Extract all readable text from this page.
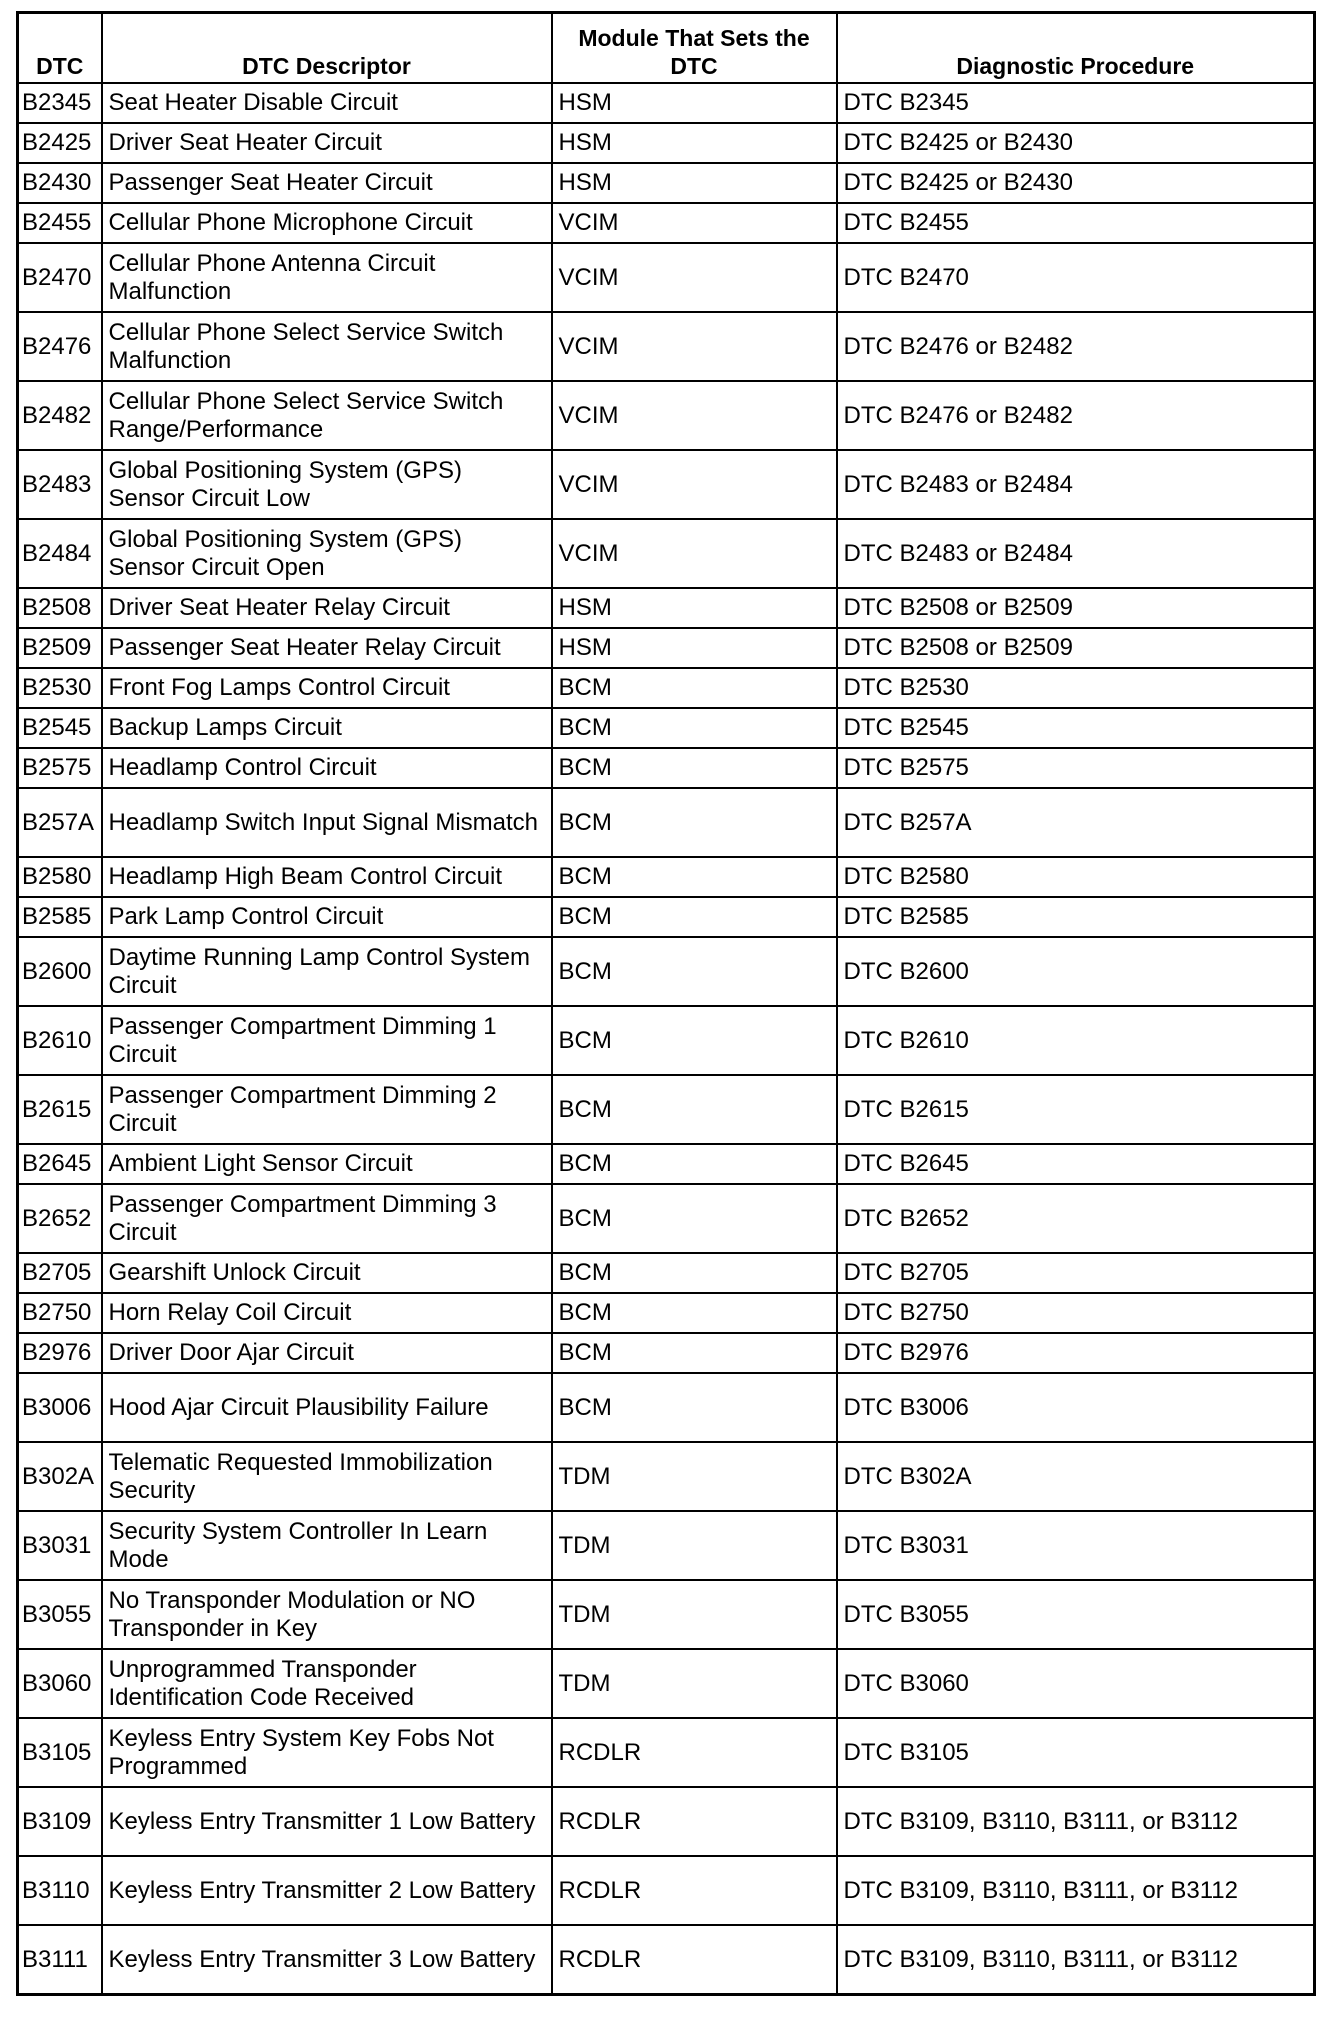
DTC	DTC Descriptor	Module That Sets the DTC	Diagnostic Procedure
B2345	Seat Heater Disable Circuit	HSM	DTC B2345
B2425	Driver Seat Heater Circuit	HSM	DTC B2425 or B2430
B2430	Passenger Seat Heater Circuit	HSM	DTC B2425 or B2430
B2455	Cellular Phone Microphone Circuit	VCIM	DTC B2455
B2470	Cellular Phone Antenna Circuit Malfunction	VCIM	DTC B2470
B2476	Cellular Phone Select Service Switch Malfunction	VCIM	DTC B2476 or B2482
B2482	Cellular Phone Select Service Switch Range/Performance	VCIM	DTC B2476 or B2482
B2483	Global Positioning System (GPS) Sensor Circuit Low	VCIM	DTC B2483 or B2484
B2484	Global Positioning System (GPS) Sensor Circuit Open	VCIM	DTC B2483 or B2484
B2508	Driver Seat Heater Relay Circuit	HSM	DTC B2508 or B2509
B2509	Passenger Seat Heater Relay Circuit	HSM	DTC B2508 or B2509
B2530	Front Fog Lamps Control Circuit	BCM	DTC B2530
B2545	Backup Lamps Circuit	BCM	DTC B2545
B2575	Headlamp Control Circuit	BCM	DTC B2575
B257A	Headlamp Switch Input Signal Mismatch	BCM	DTC B257A
B2580	Headlamp High Beam Control Circuit	BCM	DTC B2580
B2585	Park Lamp Control Circuit	BCM	DTC B2585
B2600	Daytime Running Lamp Control System Circuit	BCM	DTC B2600
B2610	Passenger Compartment Dimming 1 Circuit	BCM	DTC B2610
B2615	Passenger Compartment Dimming 2 Circuit	BCM	DTC B2615
B2645	Ambient Light Sensor Circuit	BCM	DTC B2645
B2652	Passenger Compartment Dimming 3 Circuit	BCM	DTC B2652
B2705	Gearshift Unlock Circuit	BCM	DTC B2705
B2750	Horn Relay Coil Circuit	BCM	DTC B2750
B2976	Driver Door Ajar Circuit	BCM	DTC B2976
B3006	Hood Ajar Circuit Plausibility Failure	BCM	DTC B3006
B302A	Telematic Requested Immobilization Security	TDM	DTC B302A
B3031	Security System Controller In Learn Mode	TDM	DTC B3031
B3055	No Transponder Modulation or NO Transponder in Key	TDM	DTC B3055
B3060	Unprogrammed Transponder Identification Code Received	TDM	DTC B3060
B3105	Keyless Entry System Key Fobs Not Programmed	RCDLR	DTC B3105
B3109	Keyless Entry Transmitter 1 Low Battery	RCDLR	DTC B3109, B3110, B3111, or B3112
B3110	Keyless Entry Transmitter 2 Low Battery	RCDLR	DTC B3109, B3110, B3111, or B3112
B3111	Keyless Entry Transmitter 3 Low Battery	RCDLR	DTC B3109, B3110, B3111, or B3112
